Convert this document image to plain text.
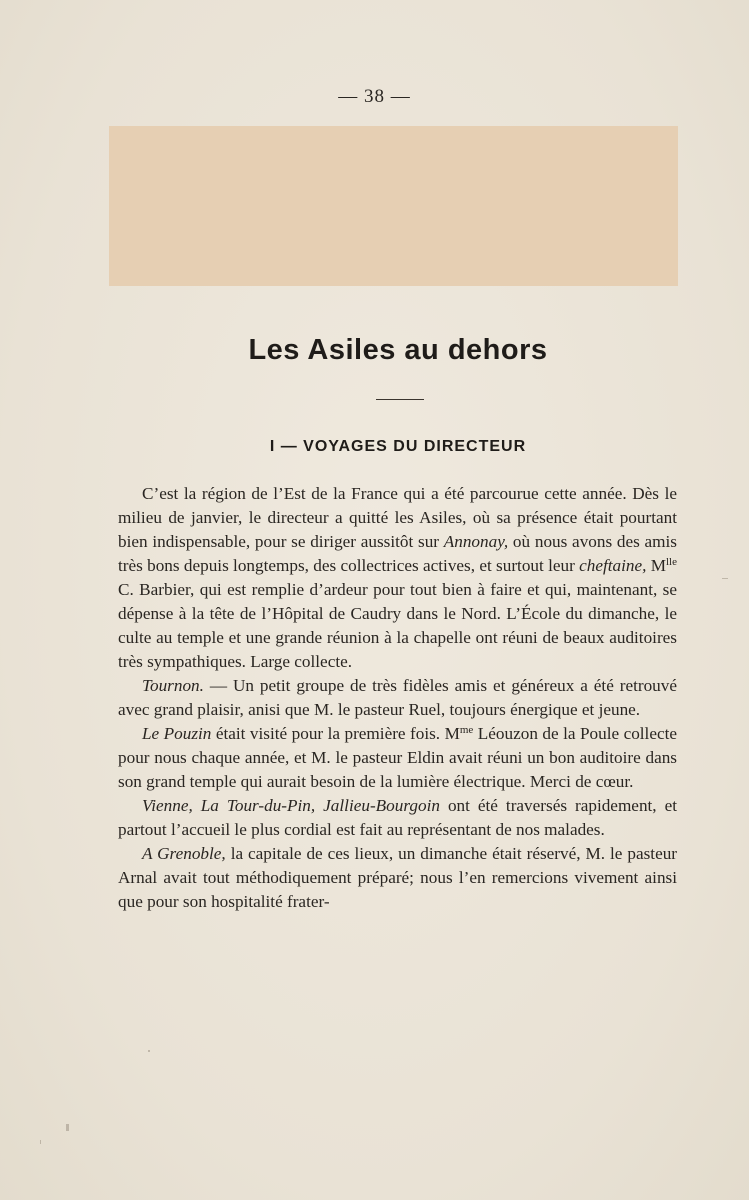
— 38 —
Les Asiles au dehors
I — VOYAGES DU DIRECTEUR

C’est la région de l’Est de la France qui a été parcourue cette année. Dès le milieu de janvier, le directeur a quitté les Asiles, où sa présence était pourtant bien indispensable, pour se diriger aussitôt sur Annonay, où nous avons des amis très bons depuis longtemps, des collectrices actives, et surtout leur cheftaine, $M^{lle}$ C. Barbier, qui est remplie d’ardeur pour tout bien à faire et qui, maintenant, se dépense à la tête de l’Hôpital de Caudry dans le Nord. L’École du dimanche, le culte au temple et une grande réunion à la chapelle ont réuni de beaux auditoires très sympathiques. Large collecte.

Tournon. — Un petit groupe de très fidèles amis et généreux a été retrouvé avec grand plaisir, anisi que M. le pasteur Ruel, toujours énergique et jeune.

Le Pouzin était visité pour la première fois. $M^{me}$ Léouzon de la Poule collecte pour nous chaque année, et M. le pasteur Eldin avait réuni un bon auditoire dans son grand temple qui aurait besoin de la lumière électrique. Merci de cœur.

Vienne, La Tour-du-Pin, Jallieu-Bourgoin ont été traversés rapidement, et partout l’accueil le plus cordial est fait au représentant de nos malades.

A Grenoble, la capitale de ces lieux, un dimanche était réservé, M. le pasteur Arnal avait tout méthodiquement préparé; nous l’en remercions vivement ainsi que pour son hospitalité frater-
